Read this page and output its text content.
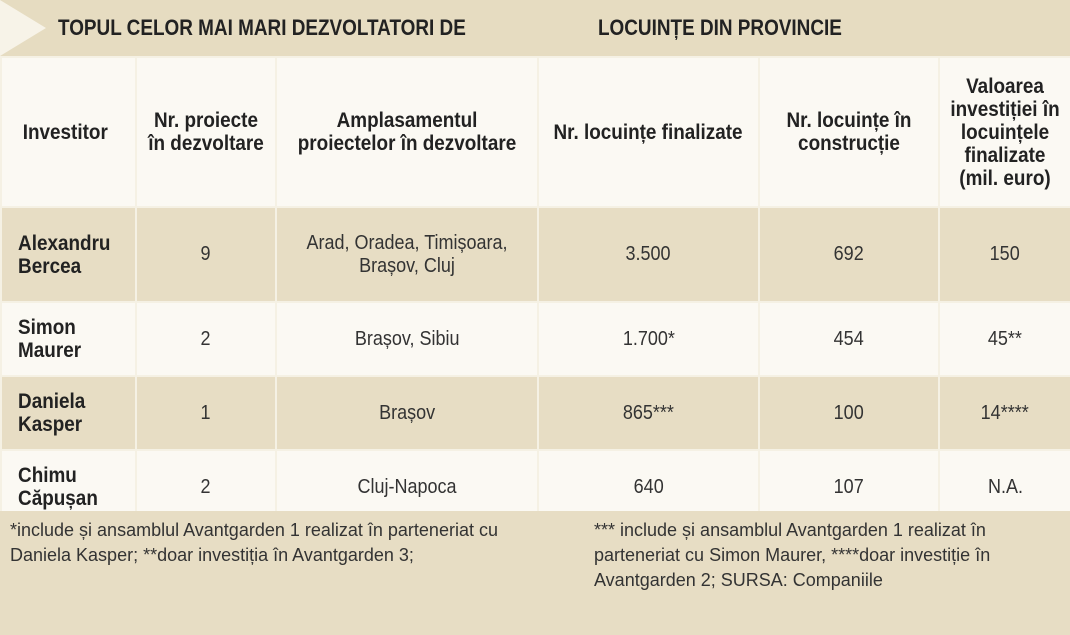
TOPUL CELOR MAI MARI DEZVOLTATORI DE	LOCUINȚE DIN PROVINCIE
Investitor	Nr. proiecte în dezvoltare	Amplasamentul proiectelor în dezvoltare	Nr. locuințe finalizate	Nr. locuințe în construcție	Valoarea investiției în locuințele finalizate (mil. euro)
Alexandru Bercea	9	Arad, Oradea, Timișoara, Brașov, Cluj	3.500	692	150
Simon Maurer	2	Brașov, Sibiu	1.700*	454	45**
Daniela Kasper	1	Brașov	865***	100	14****
Chimu Căpușan	2	Cluj-Napoca	640	107	N.A.
*include și ansamblul Avantgarden 1 realizat în parteneriat cu Daniela Kasper; **doar investiția în Avantgarden 3;
*** include și ansamblul Avantgarden 1 realizat în parteneriat cu Simon Maurer, ****doar investiție în Avantgarden 2; SURSA: Companiile
